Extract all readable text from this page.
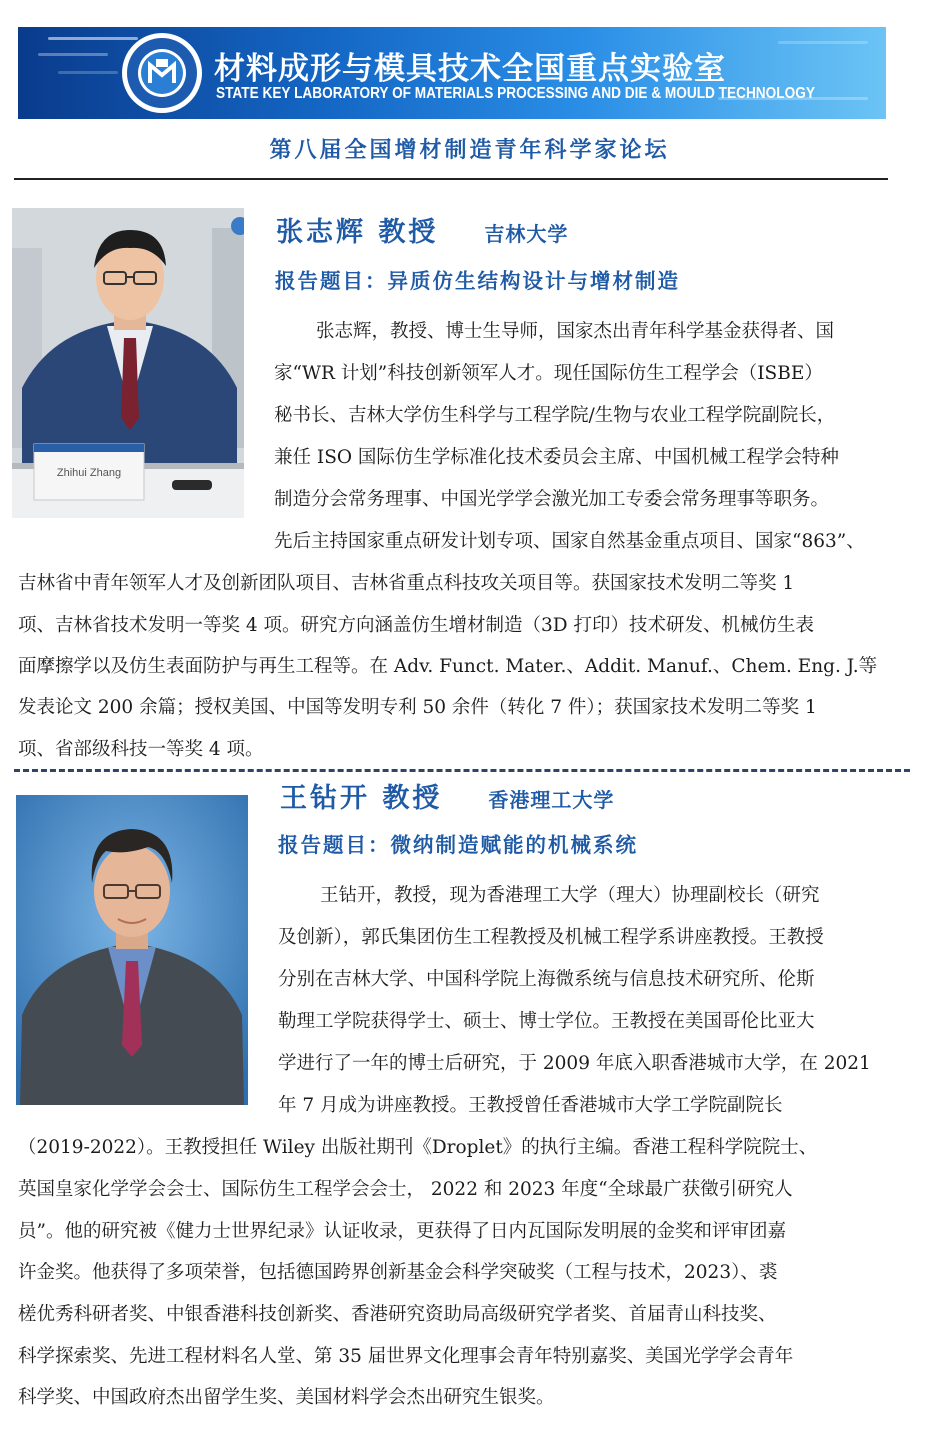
材料成形与模具技术全国重点实验室
STATE KEY LABORATORY OF MATERIALS PROCESSING AND DIE & MOULD TECHNOLOGY
第八届全国增材制造青年科学家论坛
Zhihui Zhang
张志辉 教授 吉林大学
报告题目：异质仿生结构设计与增材制造
张志辉，教授、博士生导师，国家杰出青年科学基金获得者、国
家“WR 计划”科技创新领军人才。现任国际仿生工程学会（ISBE）
秘书长、吉林大学仿生科学与工程学院/生物与农业工程学院副院长，
兼任 ISO 国际仿生学标准化技术委员会主席、中国机械工程学会特种
制造分会常务理事、中国光学学会激光加工专委会常务理事等职务。
先后主持国家重点研发计划专项、国家自然基金重点项目、国家“863”、
吉林省中青年领军人才及创新团队项目、吉林省重点科技攻关项目等。获国家技术发明二等奖 1
项、吉林省技术发明一等奖 4 项。研究方向涵盖仿生增材制造（3D 打印）技术研发、机械仿生表
面摩擦学以及仿生表面防护与再生工程等。在 Adv. Funct. Mater.、Addit. Manuf.、Chem. Eng. J.等
发表论文 200 余篇；授权美国、中国等发明专利 50 余件（转化 7 件）；获国家技术发明二等奖 1
项、省部级科技一等奖 4 项。
王钻开 教授 香港理工大学
报告题目：微纳制造赋能的机械系统
王钻开，教授，现为香港理工大学（理大）协理副校长（研究
及创新），郭氏集团仿生工程教授及机械工程学系讲座教授。王教授
分别在吉林大学、中国科学院上海微系统与信息技术研究所、伦斯
勒理工学院获得学士、硕士、博士学位。王教授在美国哥伦比亚大
学进行了一年的博士后研究，于 2009 年底入职香港城市大学，在 2021
年 7 月成为讲座教授。王教授曾任香港城市大学工学院副院长
（2019-2022）。王教授担任 Wiley 出版社期刊《Droplet》的执行主编。香港工程科学院院士、
英国皇家化学学会会士、国际仿生工程学会会士， 2022 和 2023 年度“全球最广获徵引研究人
员”。他的研究被《健力士世界纪录》认证收录，更获得了日内瓦国际发明展的金奖和评审团嘉
许金奖。他获得了多项荣誉，包括德国跨界创新基金会科学突破奖（工程与技术，2023）、裘
槎优秀科研者奖、中银香港科技创新奖、香港研究资助局高级研究学者奖、首届青山科技奖、
科学探索奖、先进工程材料名人堂、第 35 届世界文化理事会青年特别嘉奖、美国光学学会青年
科学奖、中国政府杰出留学生奖、美国材料学会杰出研究生银奖。
